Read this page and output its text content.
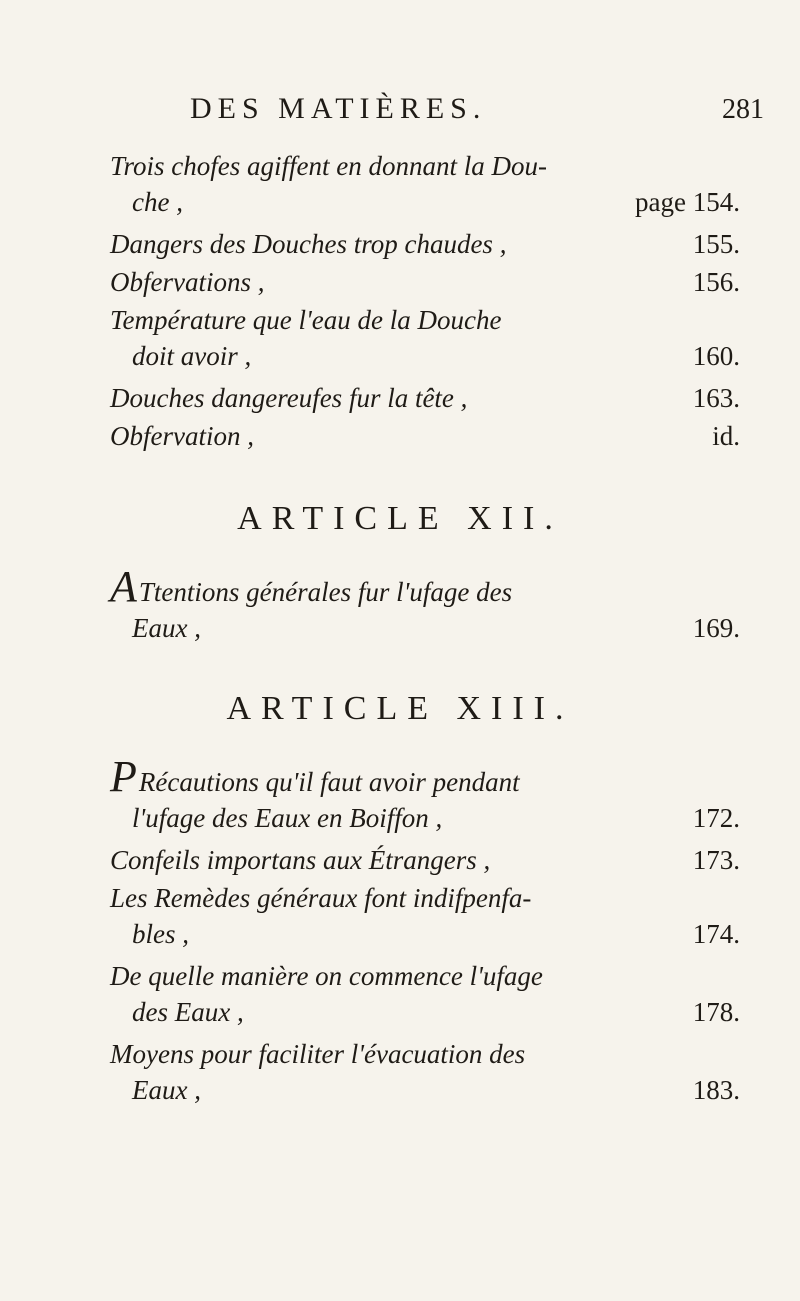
DES MATIÈRES.	281
Trois chofes agiffent en donnant la Dou-
che ,	page 154.
Dangers des Douches trop chaudes ,	155.
Obfervations ,	156.
Température que l'eau de la Douche
doit avoir ,	160.
Douches dangereufes fur la tête ,	163.
Obfervation ,	id.
ARTICLE XII.
ATtentions générales fur l'ufage des
Eaux ,	169.
ARTICLE XIII.
PRécautions qu'il faut avoir pendant
l'ufage des Eaux en Boiffon ,	172.
Confeils importans aux Étrangers ,	173.
Les Remèdes généraux font indifpenfa-
bles ,	174.
De quelle manière on commence l'ufage
des Eaux ,	178.
Moyens pour faciliter l'évacuation des
Eaux ,	183.
